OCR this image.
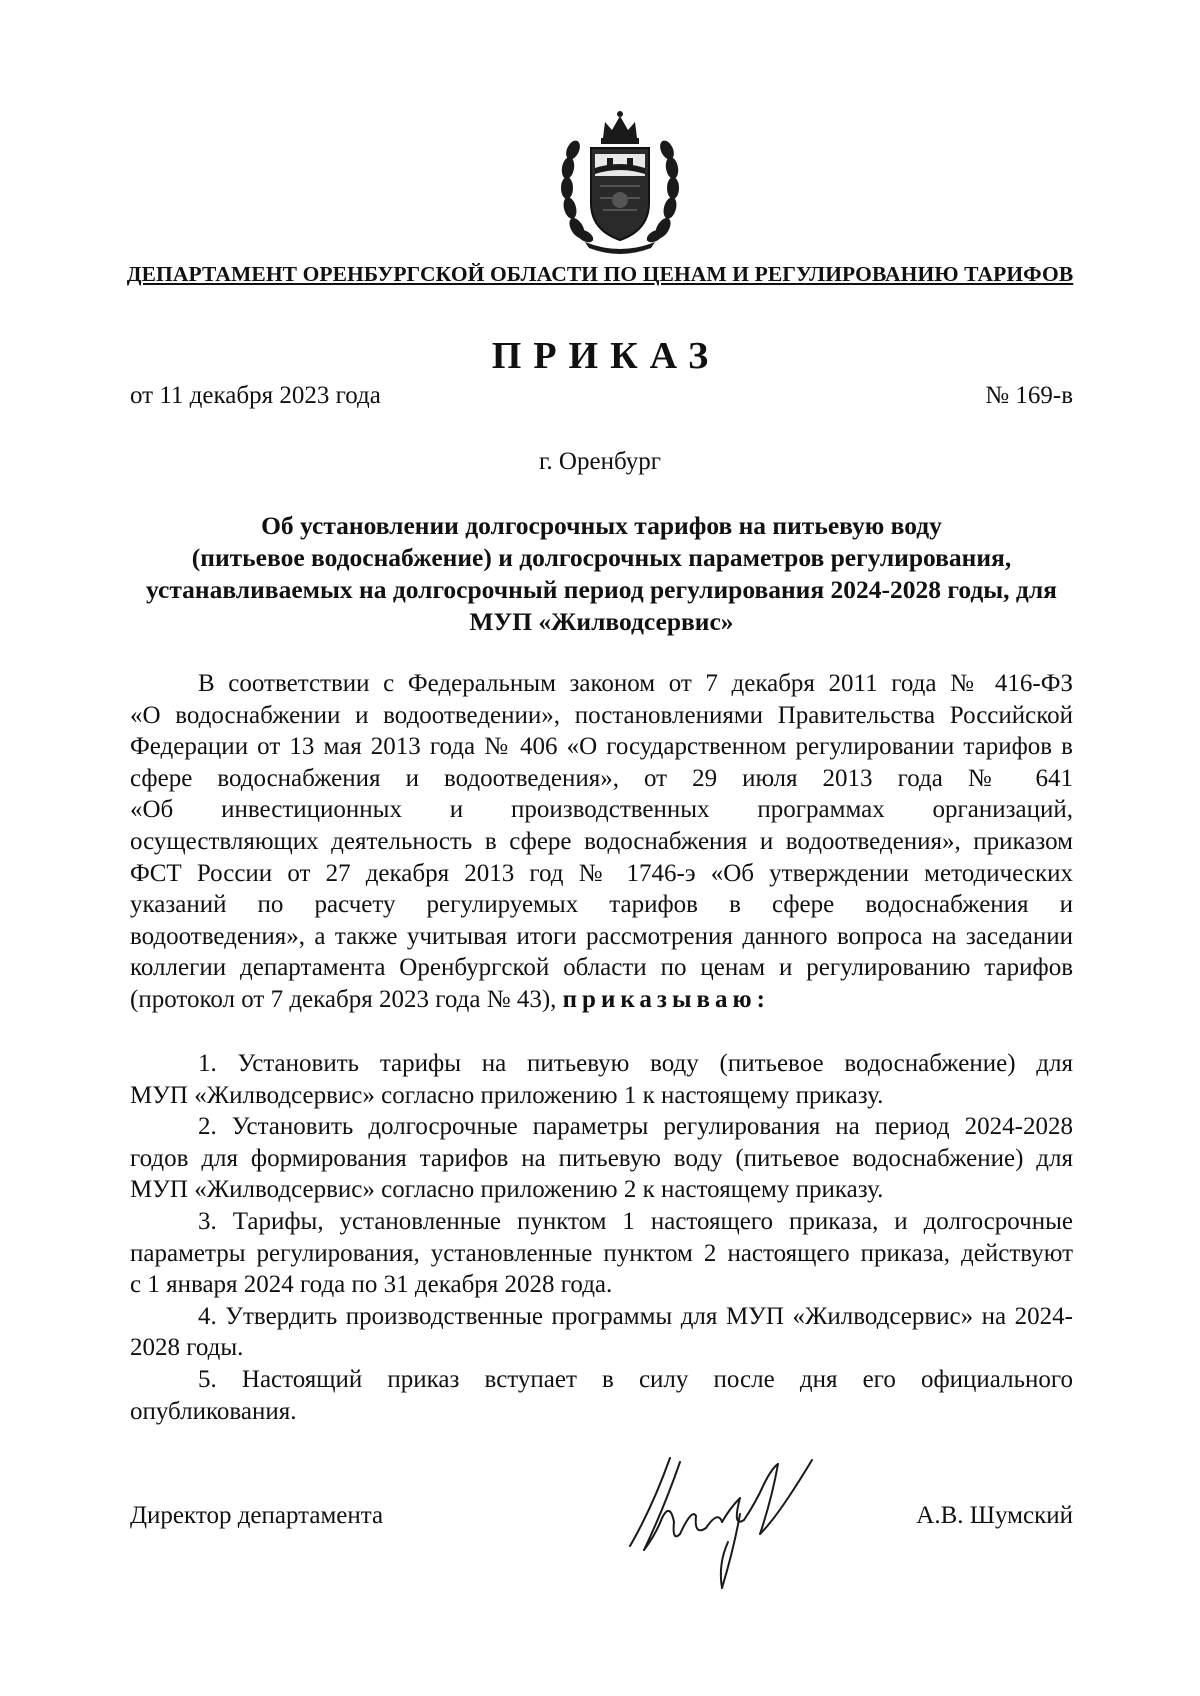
ДЕПАРТАМЕНТ ОРЕНБУРГСКОЙ ОБЛАСТИ ПО ЦЕНАМ И РЕГУЛИРОВАНИЮ ТАРИФОВ
ПРИКАЗ
от 11 декабря 2023 года	№ 169-в
г. Оренбург
Об установлении долгосрочных тарифов на питьевую воду
(питьевое водоснабжение) и долгосрочных параметров регулирования,
устанавливаемых на долгосрочный период регулирования 2024-2028 годы, для
МУП «Жилводсервис»
В соответствии с Федеральным законом от 7 декабря 2011 года № 416-ФЗ
«О водоснабжении и водоотведении», постановлениями Правительства Российской
Федерации от 13 мая 2013 года № 406 «О государственном регулировании тарифов в
сфере водоснабжения и водоотведения», от 29 июля 2013 года № 641
«Об инвестиционных и производственных программах организаций,
осуществляющих деятельность в сфере водоснабжения и водоотведения», приказом
ФСТ России от 27 декабря 2013 год № 1746-э «Об утверждении методических
указаний по расчету регулируемых тарифов в сфере водоснабжения и
водоотведения», а также учитывая итоги рассмотрения данного вопроса на заседании
коллегии департамента Оренбургской области по ценам и регулированию тарифов
(протокол от 7 декабря 2023 года № 43), приказываю:
1. Установить тарифы на питьевую воду (питьевое водоснабжение) для
МУП «Жилводсервис» согласно приложению 1 к настоящему приказу.
2. Установить долгосрочные параметры регулирования на период 2024-2028
годов для формирования тарифов на питьевую воду (питьевое водоснабжение) для
МУП «Жилводсервис» согласно приложению 2 к настоящему приказу.
3. Тарифы, установленные пунктом 1 настоящего приказа, и долгосрочные
параметры регулирования, установленные пунктом 2 настоящего приказа, действуют
с 1 января 2024 года по 31 декабря 2028 года.
4. Утвердить производственные программы для МУП «Жилводсервис» на 2024-
2028 годы.
5. Настоящий приказ вступает в силу после дня его официального
опубликования.
Директор департамента	А.В. Шумский
